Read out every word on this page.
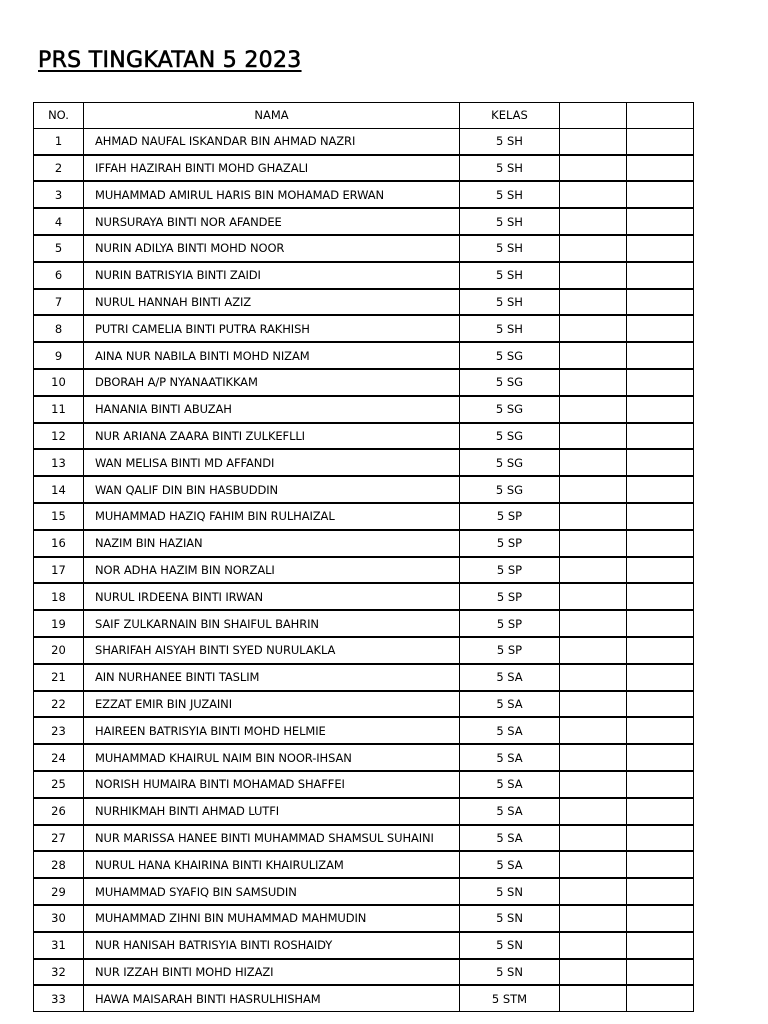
PRS TINGKATAN 5 2023
NO.	NAMA	KELAS		
1	AHMAD NAUFAL ISKANDAR BIN AHMAD NAZRI	5 SH		
2	IFFAH HAZIRAH BINTI MOHD GHAZALI	5 SH		
3	MUHAMMAD AMIRUL HARIS BIN MOHAMAD ERWAN	5 SH		
4	NURSURAYA BINTI NOR AFANDEE	5 SH		
5	NURIN ADILYA BINTI MOHD NOOR	5 SH		
6	NURIN BATRISYIA BINTI ZAIDI	5 SH		
7	NURUL HANNAH BINTI AZIZ	5 SH		
8	PUTRI CAMELIA BINTI PUTRA RAKHISH	5 SH		
9	AINA NUR NABILA BINTI MOHD NIZAM	5 SG		
10	DBORAH A/P NYANAATIKKAM	5 SG		
11	HANANIA BINTI ABUZAH	5 SG		
12	NUR ARIANA ZAARA BINTI ZULKEFLLI	5 SG		
13	WAN MELISA BINTI MD AFFANDI	5 SG		
14	WAN QALIF DIN BIN HASBUDDIN	5 SG		
15	MUHAMMAD HAZIQ FAHIM BIN RULHAIZAL	5 SP		
16	NAZIM BIN HAZIAN	5 SP		
17	NOR ADHA HAZIM BIN NORZALI	5 SP		
18	NURUL IRDEENA BINTI IRWAN	5 SP		
19	SAIF ZULKARNAIN BIN SHAIFUL BAHRIN	5 SP		
20	SHARIFAH AISYAH BINTI SYED NURULAKLA	5 SP		
21	AIN NURHANEE BINTI TASLIM	5 SA		
22	EZZAT EMIR BIN JUZAINI	5 SA		
23	HAIREEN BATRISYIA BINTI MOHD HELMIE	5 SA		
24	MUHAMMAD KHAIRUL NAIM BIN NOOR-IHSAN	5 SA		
25	NORISH HUMAIRA BINTI MOHAMAD SHAFFEI	5 SA		
26	NURHIKMAH BINTI AHMAD LUTFI	5 SA		
27	NUR MARISSA HANEE BINTI MUHAMMAD SHAMSUL SUHAINI	5 SA		
28	NURUL HANA KHAIRINA BINTI KHAIRULIZAM	5 SA		
29	MUHAMMAD SYAFIQ BIN SAMSUDIN	5 SN		
30	MUHAMMAD ZIHNI BIN MUHAMMAD MAHMUDIN	5 SN		
31	NUR HANISAH BATRISYIA BINTI ROSHAIDY	5 SN		
32	NUR IZZAH BINTI MOHD HIZAZI	5 SN		
33	HAWA MAISARAH BINTI HASRULHISHAM	5 STM		
